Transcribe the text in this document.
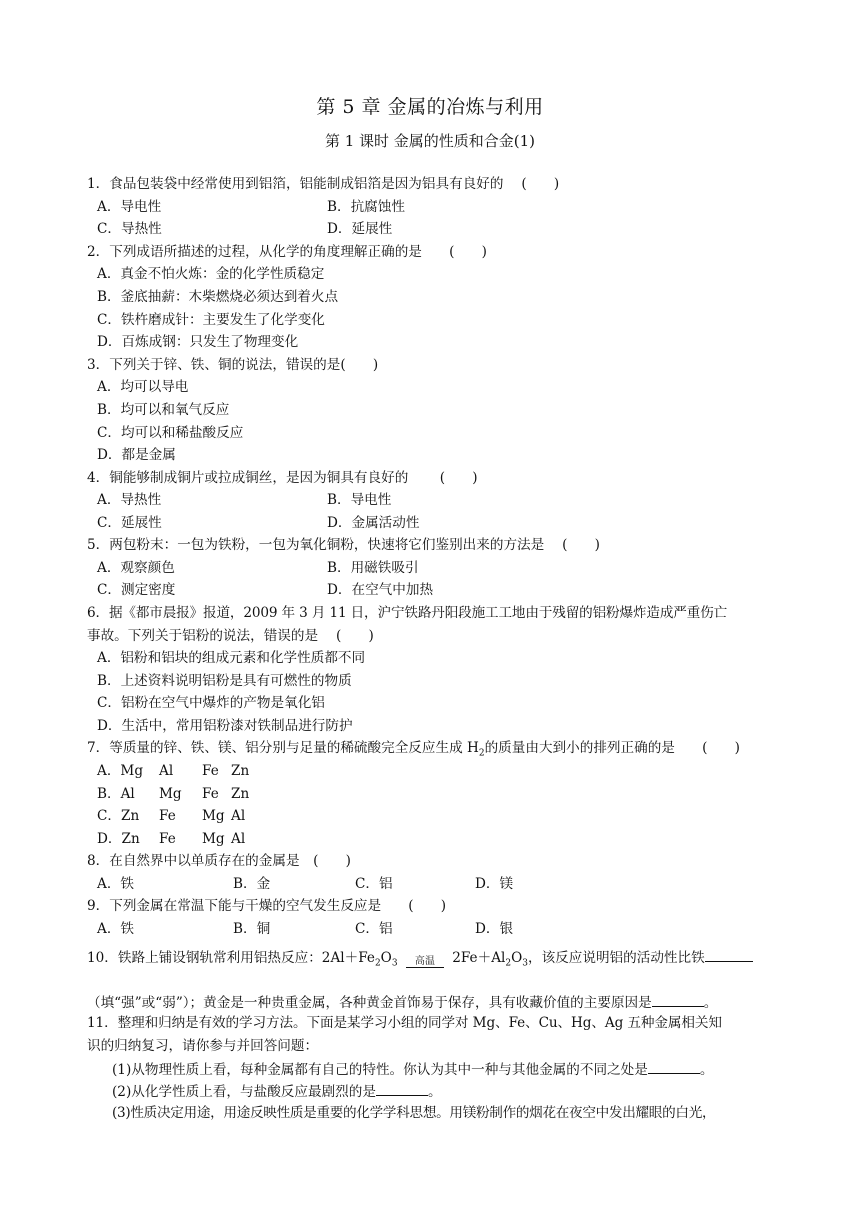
第 5 章 金属的冶炼与利用
第 1 课时 金属的性质和合金(1)
1．食品包装袋中经常使用到铝箔，铝能制成铝箔是因为铝具有良好的　 (　　)
A．导电性	B．抗腐蚀性
C．导热性	D．延展性
2．下列成语所描述的过程，从化学的角度理解正确的是　　(　　)
A．真金不怕火炼：金的化学性质稳定
B．釜底抽薪：木柴燃烧必须达到着火点
C．铁杵磨成针：主要发生了化学变化
D．百炼成钢：只发生了物理变化
3．下列关于锌、铁、铜的说法，错误的是(　　)
A．均可以导电
B．均可以和氧气反应
C．均可以和稀盐酸反应
D．都是金属
4．铜能够制成铜片或拉成铜丝，是因为铜具有良好的　　 (　　)
A．导热性	B．导电性
C．延展性	D．金属活动性
5．两包粉末：一包为铁粉，一包为氧化铜粉，快速将它们鉴别出来的方法是　 (　　)
A．观察颜色	B．用磁铁吸引
C．测定密度	D．在空气中加热
6．据《都市晨报》报道，2009 年 3 月 11 日，沪宁铁路丹阳段施工工地由于残留的铝粉爆炸造成严重伤亡
事故。下列关于铝粉的说法，错误的是　 (　　)
A．铝粉和铝块的组成元素和化学性质都不同
B．上述资料说明铝粉是具有可燃性的物质
C．铝粉在空气中爆炸的产物是氧化铝
D．生活中，常用铝粉漆对铁制品进行防护
7．等质量的锌、铁、镁、铝分别与足量的稀硫酸完全反应生成 $H_2$的质量由大到小的排列正确的是　　(　　)
A．Mg Al Fe Zn
B．Al Mg Fe Zn
C．Zn Fe Mg Al
D．Zn Fe Mg Al
8．在自然界中以单质存在的金属是　(　　)
A．铁	B．金	C．铝	D．镁
9．下列金属在常温下能与干燥的空气发生反应是　　(　　)
A．铁	B．铜	C．铝	D．银
10．铁路上铺设钢轨常利用铝热反应：$2Al+Fe_2O_3$ 高温 $2Fe+Al_2O_3$，该反应说明铝的活动性比铁
（填“强”或“弱”）；黄金是一种贵重金属，各种黄金首饰易于保存，具有收藏价值的主要原因是	。
11．整理和归纳是有效的学习方法。下面是某学习小组的同学对 Mg、Fe、Cu、Hg、Ag 五种金属相关知
识的归纳复习，请你参与并回答问题：
(1)从物理性质上看，每种金属都有自己的特性。你认为其中一种与其他金属的不同之处是	。
(2)从化学性质上看，与盐酸反应最剧烈的是	。
(3)性质决定用途，用途反映性质是重要的化学学科思想。用镁粉制作的烟花在夜空中发出耀眼的白光，
